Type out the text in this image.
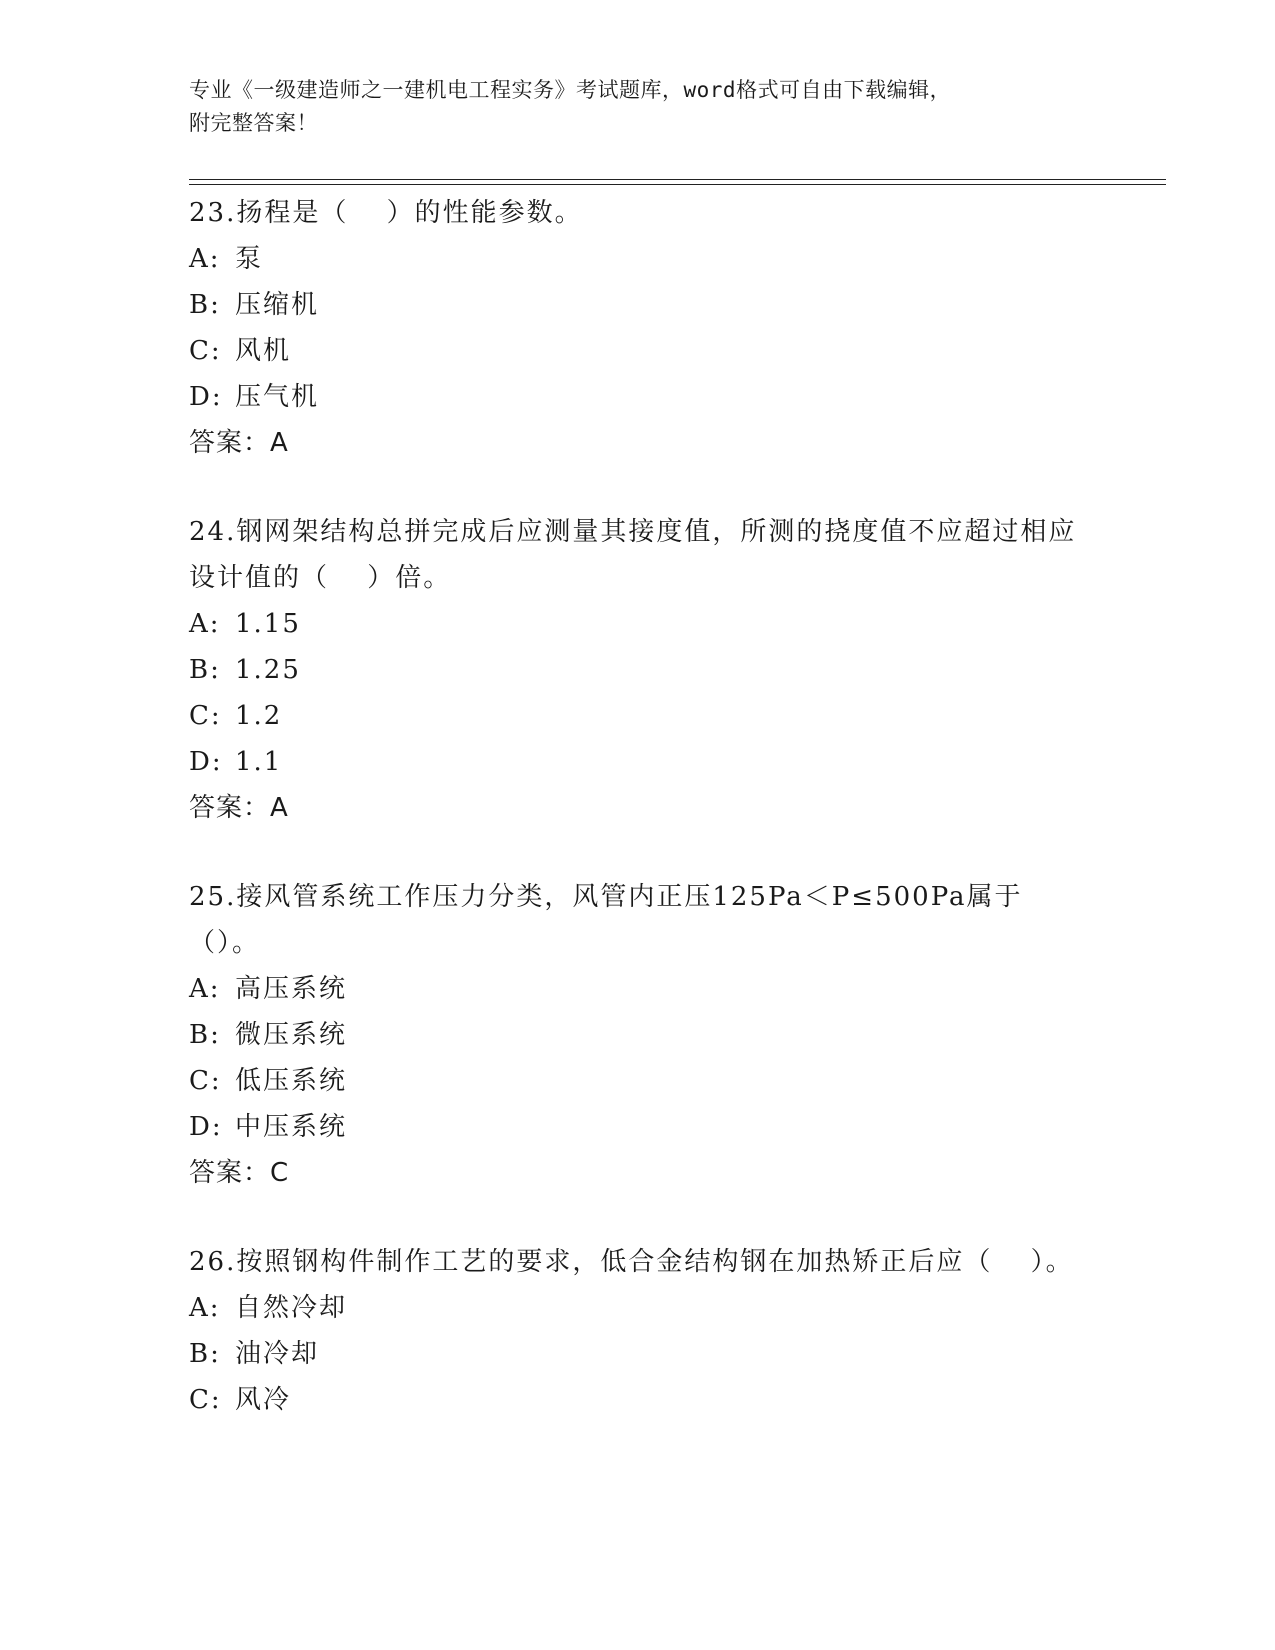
专业《一级建造师之一建机电工程实务》考试题库，word格式可自由下载编辑，
附完整答案！
23.扬程是（　 ）的性能参数。
A: 泵
B: 压缩机
C: 风机
D: 压气机
答案：A
24.钢网架结构总拼完成后应测量其接度值，所测的挠度值不应超过相应设计值的（　 ）倍。
A: 1.15
B: 1.25
C: 1.2
D: 1.1
答案：A
25.接风管系统工作压力分类，风管内正压125Pa＜P≤500Pa属于（）。
A: 高压系统
B: 微压系统
C: 低压系统
D: 中压系统
答案：C
26.按照钢构件制作工艺的要求，低合金结构钢在加热矫正后应（　 ）。
A: 自然冷却
B: 油冷却
C: 风冷
